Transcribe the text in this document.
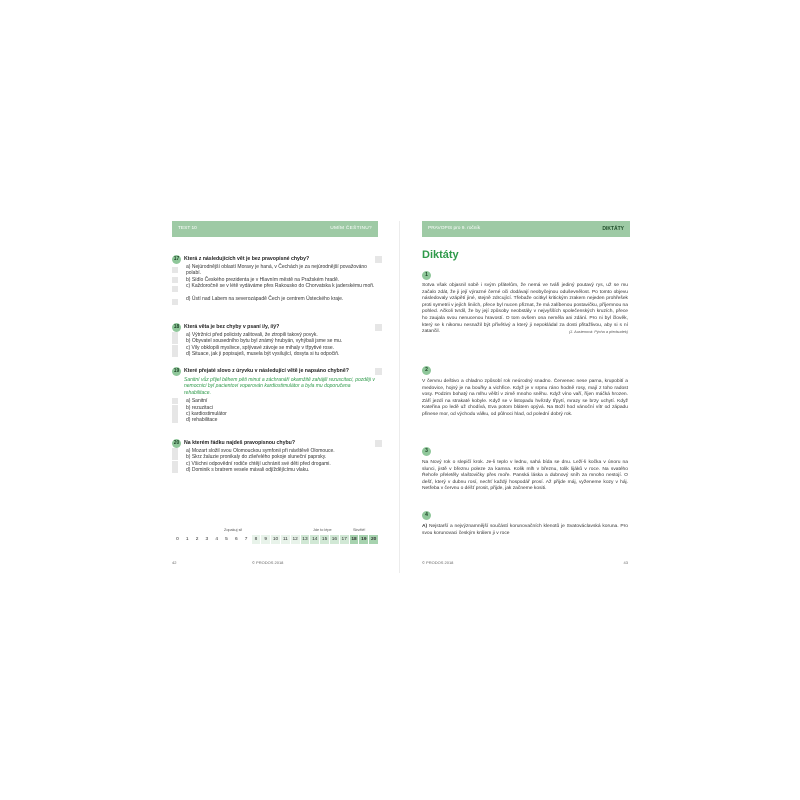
TEST 10	UMÍM ČEŠTINU?
17 Která z následujících vět je bez pravopisné chyby?
a) Nejúrodnější oblastí Moravy je haná, v Čechách je za nejúrodnější považováno polabí.
b) Sídlo Českého prezidenta je v Hlavním městě na Pražském hradě.
c) Každoročně se v létě vydáváme přes Rakousko do Chorvatska k jaderskému moři.
d) Ústí nad Labem na severozápadě Čech je centrem Ústeckého kraje.
18 Která věta je bez chyby v psaní i/y, í/ý?
a) Výtržníci před policisty zalitovali, že ztropili takový povyk.
b) Obyvatel sousedního bytu byl známý hrubyán, vyhýbali jsme se mu.
c) Vily obklopili myslivce, splývavé závoje se mihaly v třpytivé rose.
d) Situace, jak ji popisuješ, musela být vysilující, dosyta si tu odpočiň.
19 Které přejaté slovo z úryvku v následující větě je napsáno chybně?
Sanitní vůz přijel během pěti minut a záchranáři okamžitě zahájili rezuscitaci, později v nemocnici byl pacientovi voperován kardiostimulátor a byla mu doporučena rehabilitace.
a) Sanitní
b) rezuzitaci
c) kardiostimulátor
d) rehabilitace
20 Na kterém řádku najdeš pravopisnou chybu?
a) Mozart složil svou Olomouckou symfonii při návštěvě Olomouce.
b) Skrz žaluzie pronikaly do zšeřelého pokoje sluneční paprsky.
c) Všichni odpovědní rodiče chtějí uchránit své děti před drogami.
d) Dominik s bratrem vesele mávali odjíždějícímu vlaku.
Zopakuj si!	Jde to lépe	Skvělé!
0	1	2	3	4	5	6	7	8	9	10 11 12 13 14 15 16 17 18 19 20
42	© PRODOS 2018
PRAVOPIS pro 9. ročník	DIKTÁTY
Diktáty
1
Sotva však objasnil sobě i svým přátelům, že nemá ve tváři jediný poutavý rys, už se mu začalo zdát, že ji její výrazné černé oči dodávají neobyčejnou oduševnělost. Po tomto objevu následovaly vzápětí jiné, stejně zdrcující. Třebaže ocitkyl kritickým zrakem nejeden prohřešek proti symetrii v jejích liniích, přece byl nucen přiznat, že má zalíbenou postavičku, příjemnou na pohled. Ačkoli tvrdil, že by její způsoby neobstály v nejvyšších společenských kruzích, přece ho zaujala svou nenucenou hravostí. O tom ovšem ona neměla ani zdání. Pro ni byl člověk, který se k nikomu nesnažil být přívětivý a který ji nepokládal za dosti přitažlivou, aby si s ní zatančil.	(J. Austenová: Pýcha a předsudek)
2
V červnu deštivo a chladno způsobí rok neúrodný snadno. Červenec nese parna, krupobití a medovice, hojný je na bouřky a vichřice. Když je v srpnu ráno hodně rosy, mají z toho radost vosy. Podzim bohatý na mlhu věští v zimě mnoho sněhu. Když víno vaří, říjen máčká hrozen. Září jezdí na strakaté kobyle. Když se v listopadu hvězdy třpytí, mrazy se brzy uchytí. Když Kateřina po ledě už chodívá, Eva potom blátem opývá. Na Boží hod vánoční vítr od západu přinese mor, od východu válku, od půlnoci hlad, od polední dobrý rok.
3
Na Nový rok o slepičí krok. Je-li teplo v lednu, sahá bída se dnu. Leží-li kočka v únoru na slunci, jistě v březnu poleze za kamna. Kolik mlh v březnu, tolik lijáků v roce. Na svatého Řehoře přeletěly vlaštovičky přes moře. Panská láska a dubnový sníh za mnoho nestojí. O dešť, který v dubnu rosí, nechť každý hospodář prosí. Až přijde máj, vyženeme kozy v háj. Netřeba v červnu o déšť prosit, přijde, jak začneme kositi.
4
A) Nejstarší a nejvýznamnější součástí korunovačních klenotů je Svatováclavská koruna. Pro svou korunovaci českým králem ji v roce
© PRODOS 2018	43
